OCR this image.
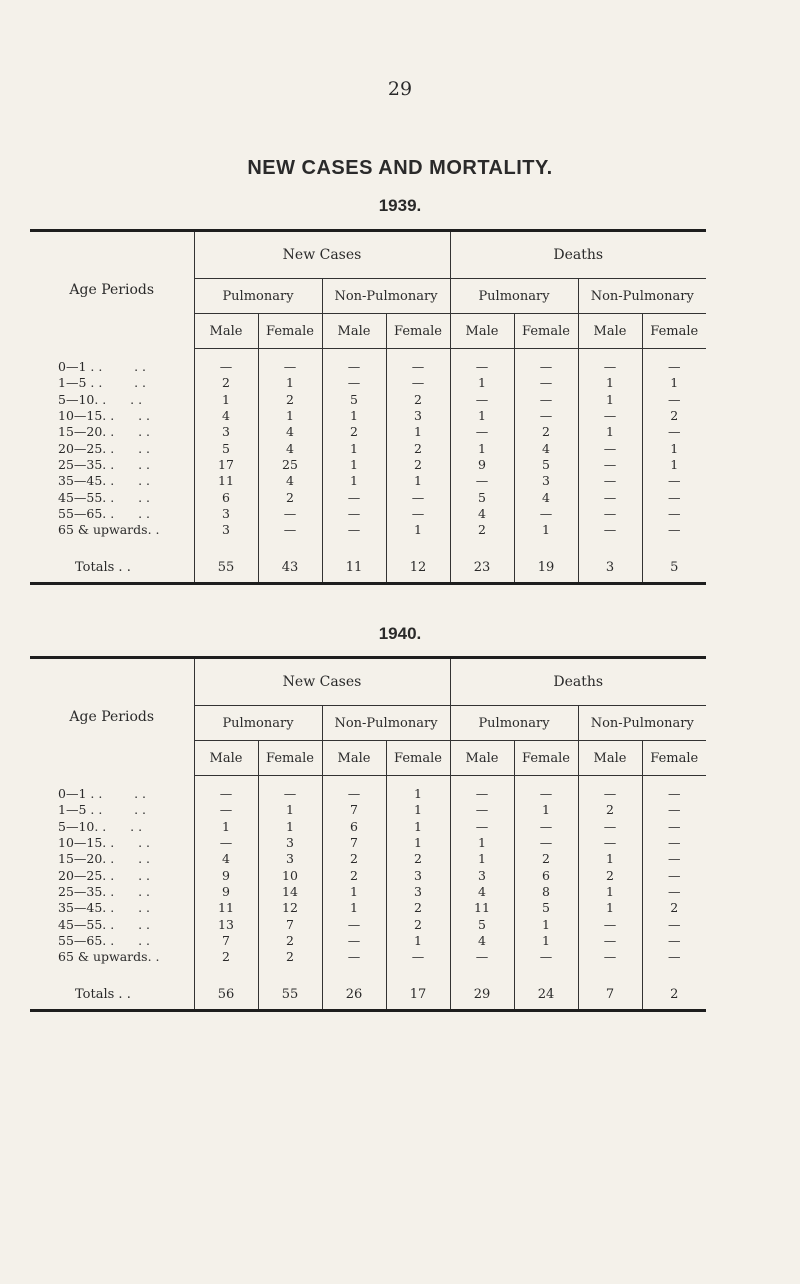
29
NEW CASES AND MORTALITY.
1939.

Age Periods	New Cases				Deaths			
	Pulmonary		Non-Pulmonary		Pulmonary		Non-Pulmonary	
	Male	Female	Male	Female	Male	Female	Male	Female
0—1 . .        . .	—	—	—	—	—	—	—	—
1—5 . .        . .	2	1	—	—	1	—	1	1
5—10. .      . .	1	2	5	2	—	—	1	—
10—15. .      . .	4	1	1	3	1	—	—	2
15—20. .      . .	3	4	2	1	—	2	1	—
20—25. .      . .	5	4	1	2	1	4	—	1
25—35. .      . .	17	25	1	2	9	5	—	1
35—45. .      . .	11	4	1	1	—	3	—	—
45—55. .      . .	6	2	—	—	5	4	—	—
55—65. .      . .	3	—	—	—	4	—	—	—
65 & upwards. .	3	—	—	1	2	1	—	—

Totals . .	55	43	11	12	23	19	3	5

1940.

Age Periods	New Cases				Deaths			
	Pulmonary		Non-Pulmonary		Pulmonary		Non-Pulmonary	
	Male	Female	Male	Female	Male	Female	Male	Female
0—1 . .        . .	—	—	—	1	—	—	—	—
1—5 . .        . .	—	1	7	1	—	1	2	—
5—10. .      . .	1	1	6	1	—	—	—	—
10—15. .      . .	—	3	7	1	1	—	—	—
15—20. .      . .	4	3	2	2	1	2	1	—
20—25. .      . .	9	10	2	3	3	6	2	—
25—35. .      . .	9	14	1	3	4	8	1	—
35—45. .      . .	11	12	1	2	11	5	1	2
45—55. .      . .	13	7	—	2	5	1	—	—
55—65. .      . .	7	2	—	1	4	1	—	—
65 & upwards. .	2	2	—	—	—	—	—	—

Totals . .	56	55	26	17	29	24	7	2
